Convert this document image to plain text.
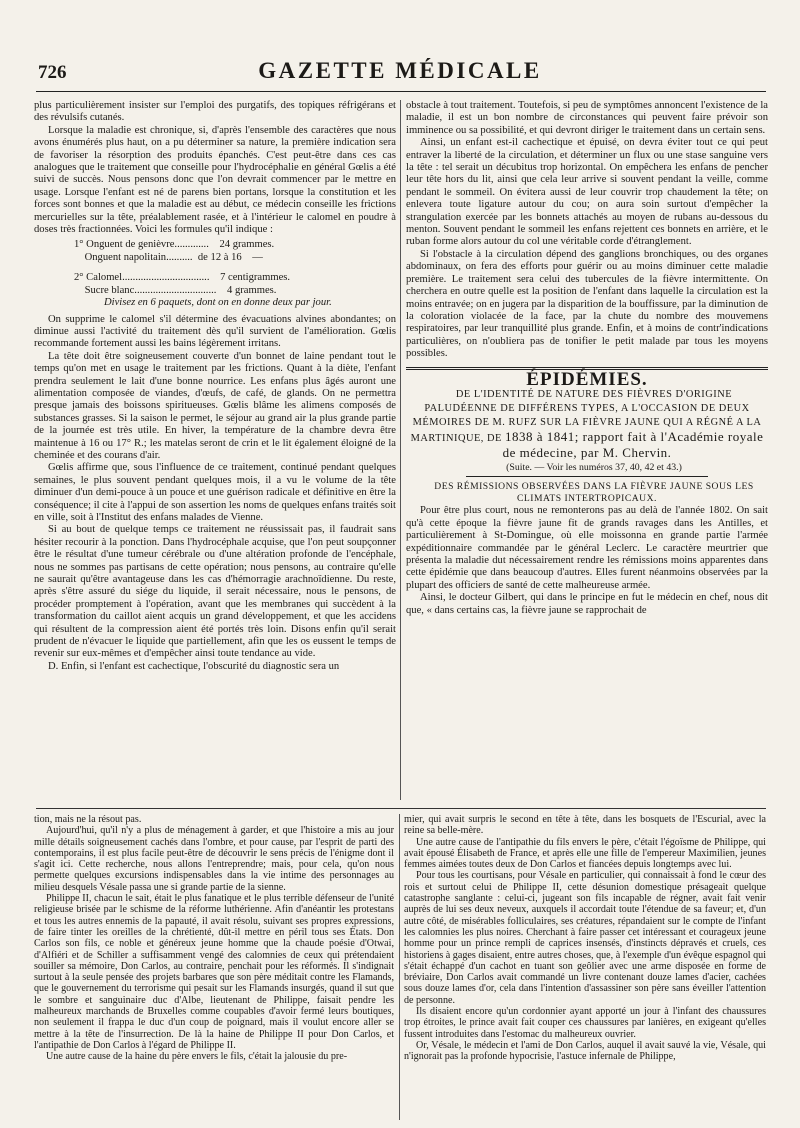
726	GAZETTE MÉDICALE

plus particulièrement insister sur l'emploi des purgatifs, des topiques réfrigérans et des révulsifs cutanés.

Lorsque la maladie est chronique, si, d'après l'ensemble des caractères que nous avons énumérés plus haut, on a pu déterminer sa nature, la première indication sera de favoriser la résorption des produits épanchés. C'est peut-être dans ces cas analogues que le traitement que conseille pour l'hydrocéphalie en général Gœlis a été suivi de succès. Nous pensons donc que l'on devrait commencer par le mettre en usage. Lorsque l'enfant est né de parens bien portans, lorsque la constitution et les forces sont bonnes et que la maladie est au début, ce médecin conseille les frictions mercurielles sur la tête, préalablement rasée, et à l'intérieur le calomel en poudre à doses très fractionnées. Voici les formules qu'il indique :

1° Onguent de genièvre.............    24 grammes.
Onguent napolitain..........  de 12 à 16    —
2° Calomel.................................    7 centigrammes.
Sucre blanc...............................    4 grammes.
Divisez en 6 paquets, dont on en donne deux par jour.

On supprime le calomel s'il détermine des évacuations alvines abondantes; on diminue aussi l'activité du traitement dès qu'il survient de l'amélioration. Gœlis recommande fortement aussi les bains légèrement irritans.

La tête doit être soigneusement couverte d'un bonnet de laine pendant tout le temps qu'on met en usage le traitement par les frictions. Quant à la diète, l'enfant prendra seulement le lait d'une bonne nourrice. Les enfans plus âgés auront une alimentation composée de viandes, d'œufs, de café, de glands. On ne permettra presque jamais des boissons spiritueuses. Gœlis blâme les alimens composés de substances grasses. Si la saison le permet, le séjour au grand air la plus grande partie de la journée est très utile. En hiver, la température de la chambre devra être maintenue à 16 ou 17° R.; les matelas seront de crin et le lit également éloigné de la cheminée et des courans d'air.

Gœlis affirme que, sous l'influence de ce traitement, continué pendant quelques semaines, le plus souvent pendant quelques mois, il a vu le volume de la tête diminuer d'un demi-pouce à un pouce et une guérison radicale et définitive en être la conséquence; il cite à l'appui de son assertion les noms de quelques enfans traités soit en ville, soit à l'Institut des enfans malades de Vienne.

Si au bout de quelque temps ce traitement ne réussissait pas, il faudrait sans hésiter recourir à la ponction. Dans l'hydrocéphale acquise, que l'on peut soupçonner être le résultat d'une tumeur cérébrale ou d'une altération profonde de l'encéphale, nous ne sommes pas partisans de cette opération; nous pensons, au contraire qu'elle ne saurait qu'être avantageuse dans les cas d'hémorragie arachnoïdienne. Du reste, après s'être assuré du siége du liquide, il serait nécessaire, nous le pensons, de procéder promptement à l'opération, avant que les membranes qui succèdent à la transformation du caillot aient acquis un grand développement, et que les accidens qui résultent de la compression aient été portés très loin. Disons enfin qu'il serait prudent de n'évacuer le liquide que partiellement, afin que les os eussent le temps de revenir sur eux-mêmes et d'empêcher ainsi toute tendance au vide.

D. Enfin, si l'enfant est cachectique, l'obscurité du diagnostic sera un

obstacle à tout traitement. Toutefois, si peu de symptômes annoncent l'existence de la maladie, il est un bon nombre de circonstances qui peuvent faire prévoir son imminence ou sa possibilité, et qui devront diriger le traitement dans un certain sens.

Ainsi, un enfant est-il cachectique et épuisé, on devra éviter tout ce qui peut entraver la liberté de la circulation, et déterminer un flux ou une stase sanguine vers la tête : tel serait un décubitus trop horizontal. On empêchera les enfans de pencher leur tête hors du lit, ainsi que cela leur arrive si souvent pendant la veille, comme pendant le sommeil. On évitera aussi de leur couvrir trop chaudement la tête; on enlevera toute ligature autour du cou; on aura soin surtout d'empêcher la strangulation exercée par les bonnets attachés au moyen de rubans au-dessous du menton. Souvent pendant le sommeil les enfans rejettent ces bonnets en arrière, et le ruban forme alors autour du col une véritable corde d'étranglement.

Si l'obstacle à la circulation dépend des ganglions bronchiques, ou des organes abdominaux, on fera des efforts pour guérir ou au moins diminuer cette maladie première. Le traitement sera celui des tubercules de la fièvre intermittente. On cherchera en outre quelle est la position de l'enfant dans laquelle la circulation est la moins entravée; on en jugera par la disparition de la bouffissure, par la diminution de la coloration violacée de la face, par la chute du nombre des mouvemens respiratoires, par leur tranquillité plus grande. Enfin, et à moins de contr'indications particulières, on n'oubliera pas de tonifier le petit malade par tous les moyens possibles.

ÉPIDÉMIES.

DE L'IDENTITÉ DE NATURE DES FIÈVRES D'ORIGINE PALUDÉENNE DE DIFFÉRENS TYPES, A L'OCCASION DE DEUX MÉMOIRES DE M. RUFZ SUR LA FIÈVRE JAUNE QUI A RÉGNÉ A LA MARTINIQUE, DE 1838 à 1841; rapport fait à l'Académie royale de médecine, par M. Chervin.

(Suite. — Voir les numéros 37, 40, 42 et 43.)

DES RÉMISSIONS OBSERVÉES DANS LA FIÈVRE JAUNE SOUS LES CLIMATS INTERTROPICAUX.

Pour être plus court, nous ne remonterons pas au delà de l'année 1802. On sait qu'à cette époque la fièvre jaune fit de grands ravages dans les Antilles, et particulièrement à St-Domingue, où elle moissonna en grande partie l'armée expéditionnaire commandée par le général Leclerc. Le caractère meurtrier que présenta la maladie dut nécessairement rendre les rémissions moins apparentes dans cette épidémie que dans beaucoup d'autres. Elles furent néanmoins observées par la plupart des officiers de santé de cette malheureuse armée.

Ainsi, le docteur Gilbert, qui dans le principe en fut le médecin en chef, nous dit que, « dans certains cas, la fièvre jaune se rapprochait de

tion, mais ne la résout pas.

Aujourd'hui, qu'il n'y a plus de ménagement à garder, et que l'histoire a mis au jour mille détails soigneusement cachés dans l'ombre, et pour cause, par l'esprit de parti des contemporains, il est plus facile peut-être de découvrir le sens précis de l'énigme dont il s'agit ici. Cette recherche, nous allons l'entreprendre; mais, pour cela, qu'on nous permette quelques excursions indispensables dans la vie intime des personnages au milieu desquels Vésale passa une si grande partie de la sienne.

Philippe II, chacun le sait, était le plus fanatique et le plus terrible défenseur de l'unité religieuse brisée par le schisme de la réforme luthérienne. Afin d'anéantir les protestans et tous les autres ennemis de la papauté, il avait résolu, suivant ses propres expressions, de faire tinter les oreilles de la chrétienté, dût-il mettre en péril tous ses États. Don Carlos son fils, ce noble et généreux jeune homme que la chaude poésie d'Otwai, d'Alfiéri et de Schiller a suffisamment vengé des calomnies de ceux qui prétendaient souiller sa mémoire, Don Carlos, au contraire, penchait pour les réformés. Il s'indignait surtout à la seule pensée des projets barbares que son père méditait contre les Flamands, que le gouvernement du terrorisme qui pesait sur les Flamands insurgés, quand il sut que le sombre et sanguinaire duc d'Albe, lieutenant de Philippe, faisait pendre les malheureux marchands de Bruxelles comme coupables d'avoir fermé leurs boutiques, non seulement il frappa le duc d'un coup de poignard, mais il voulut encore aller se mettre à la tête de l'insurrection. De là la haine de Philippe II pour Don Carlos, et l'antipathie de Don Carlos à l'égard de Philippe II.

Une autre cause de la haine du père envers le fils, c'était la jalousie du pre-

mier, qui avait surpris le second en tête à tête, dans les bosquets de l'Escurial, avec la reine sa belle-mère.

Une autre cause de l'antipathie du fils envers le père, c'était l'égoïsme de Philippe, qui avait épousé Élisabeth de France, et après elle une fille de l'empereur Maximilien, jeunes femmes aimées toutes deux de Don Carlos et fiancées depuis longtemps avec lui.

Pour tous les courtisans, pour Vésale en particulier, qui connaissait à fond le cœur des rois et surtout celui de Philippe II, cette désunion domestique présageait quelque catastrophe sanglante : celui-ci, jugeant son fils incapable de régner, avait fait venir auprès de lui ses deux neveux, auxquels il accordait toute l'étendue de sa faveur; et, d'un autre côté, de misérables folliculaires, ses créatures, répandaient sur le compte de l'infant les calomnies les plus noires. Cherchant à faire passer cet intéressant et courageux jeune homme pour un prince rempli de caprices insensés, d'instincts dépravés et cruels, ces historiens à gages disaient, entre autres choses, que, à l'exemple d'un évêque espagnol qui s'était échappé d'un cachot en tuant son geôlier avec une arme disposée en forme de bréviaire, Don Carlos avait commandé un livre contenant douze lames d'acier, cachées sous douze lames d'or, cela dans l'intention d'assassiner son père sans éveiller l'attention de personne.

Ils disaient encore qu'un cordonnier ayant apporté un jour à l'infant des chaussures trop étroites, le prince avait fait couper ces chaussures par lanières, en exigeant qu'elles fussent introduites dans l'estomac du malheureux ouvrier.

Or, Vésale, le médecin et l'ami de Don Carlos, auquel il avait sauvé la vie, Vésale, qui n'ignorait pas la profonde hypocrisie, l'astuce infernale de Philippe,
